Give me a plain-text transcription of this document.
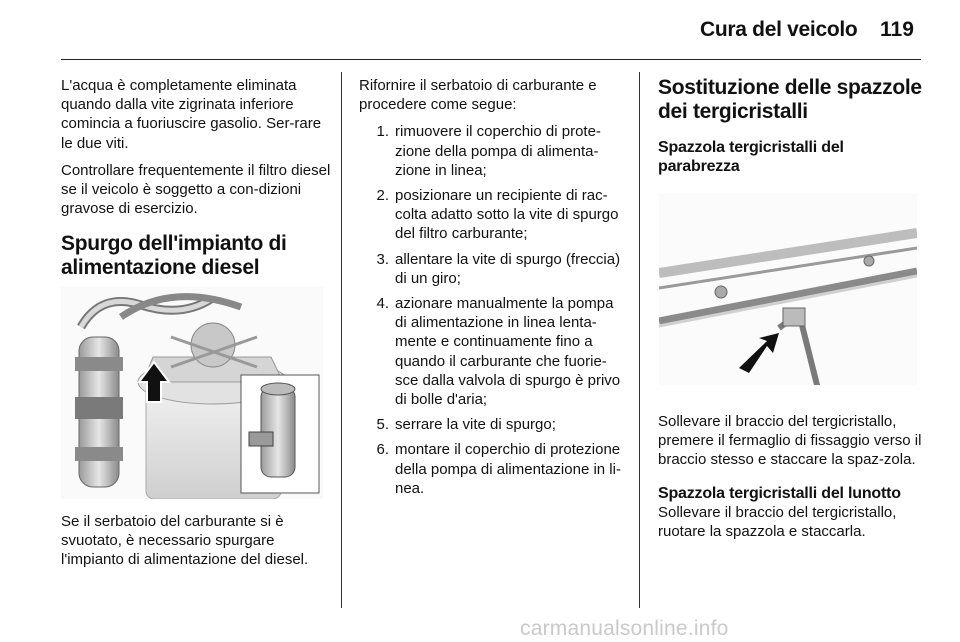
Cura del veicolo 119

L'acqua è completamente eliminata quando dalla vite zigrinata inferiore comincia a fuoriuscire gasolio. Ser-rare le due viti.

Controllare frequentemente il filtro diesel se il veicolo è soggetto a con-dizioni gravose di esercizio.

Spurgo dell'impianto di alimentazione diesel

Se il serbatoio del carburante si è svuotato, è necessario spurgare l'impianto di alimentazione del diesel.

Rifornire il serbatoio di carburante e procedere come segue:

1. rimuovere il coperchio di prote-zione della pompa di alimenta-zione in linea;
2. posizionare un recipiente di rac-colta adatto sotto la vite di spurgo del filtro carburante;
3. allentare la vite di spurgo (freccia) di un giro;
4. azionare manualmente la pompa di alimentazione in linea lenta-mente e continuamente fino a quando il carburante che fuorie-sce dalla valvola di spurgo è privo di bolle d'aria;
5. serrare la vite di spurgo;
6. montare il coperchio di protezione della pompa di alimentazione in li-nea.
Sostituzione delle spazzole dei tergicristalli
Spazzola tergicristalli del parabrezza

Sollevare il braccio del tergicristallo, premere il fermaglio di fissaggio verso il braccio stesso e staccare la spaz-zola.

Spazzola tergicristalli del lunotto

Sollevare il braccio del tergicristallo, ruotare la spazzola e staccarla.

carmanualsonline.info
